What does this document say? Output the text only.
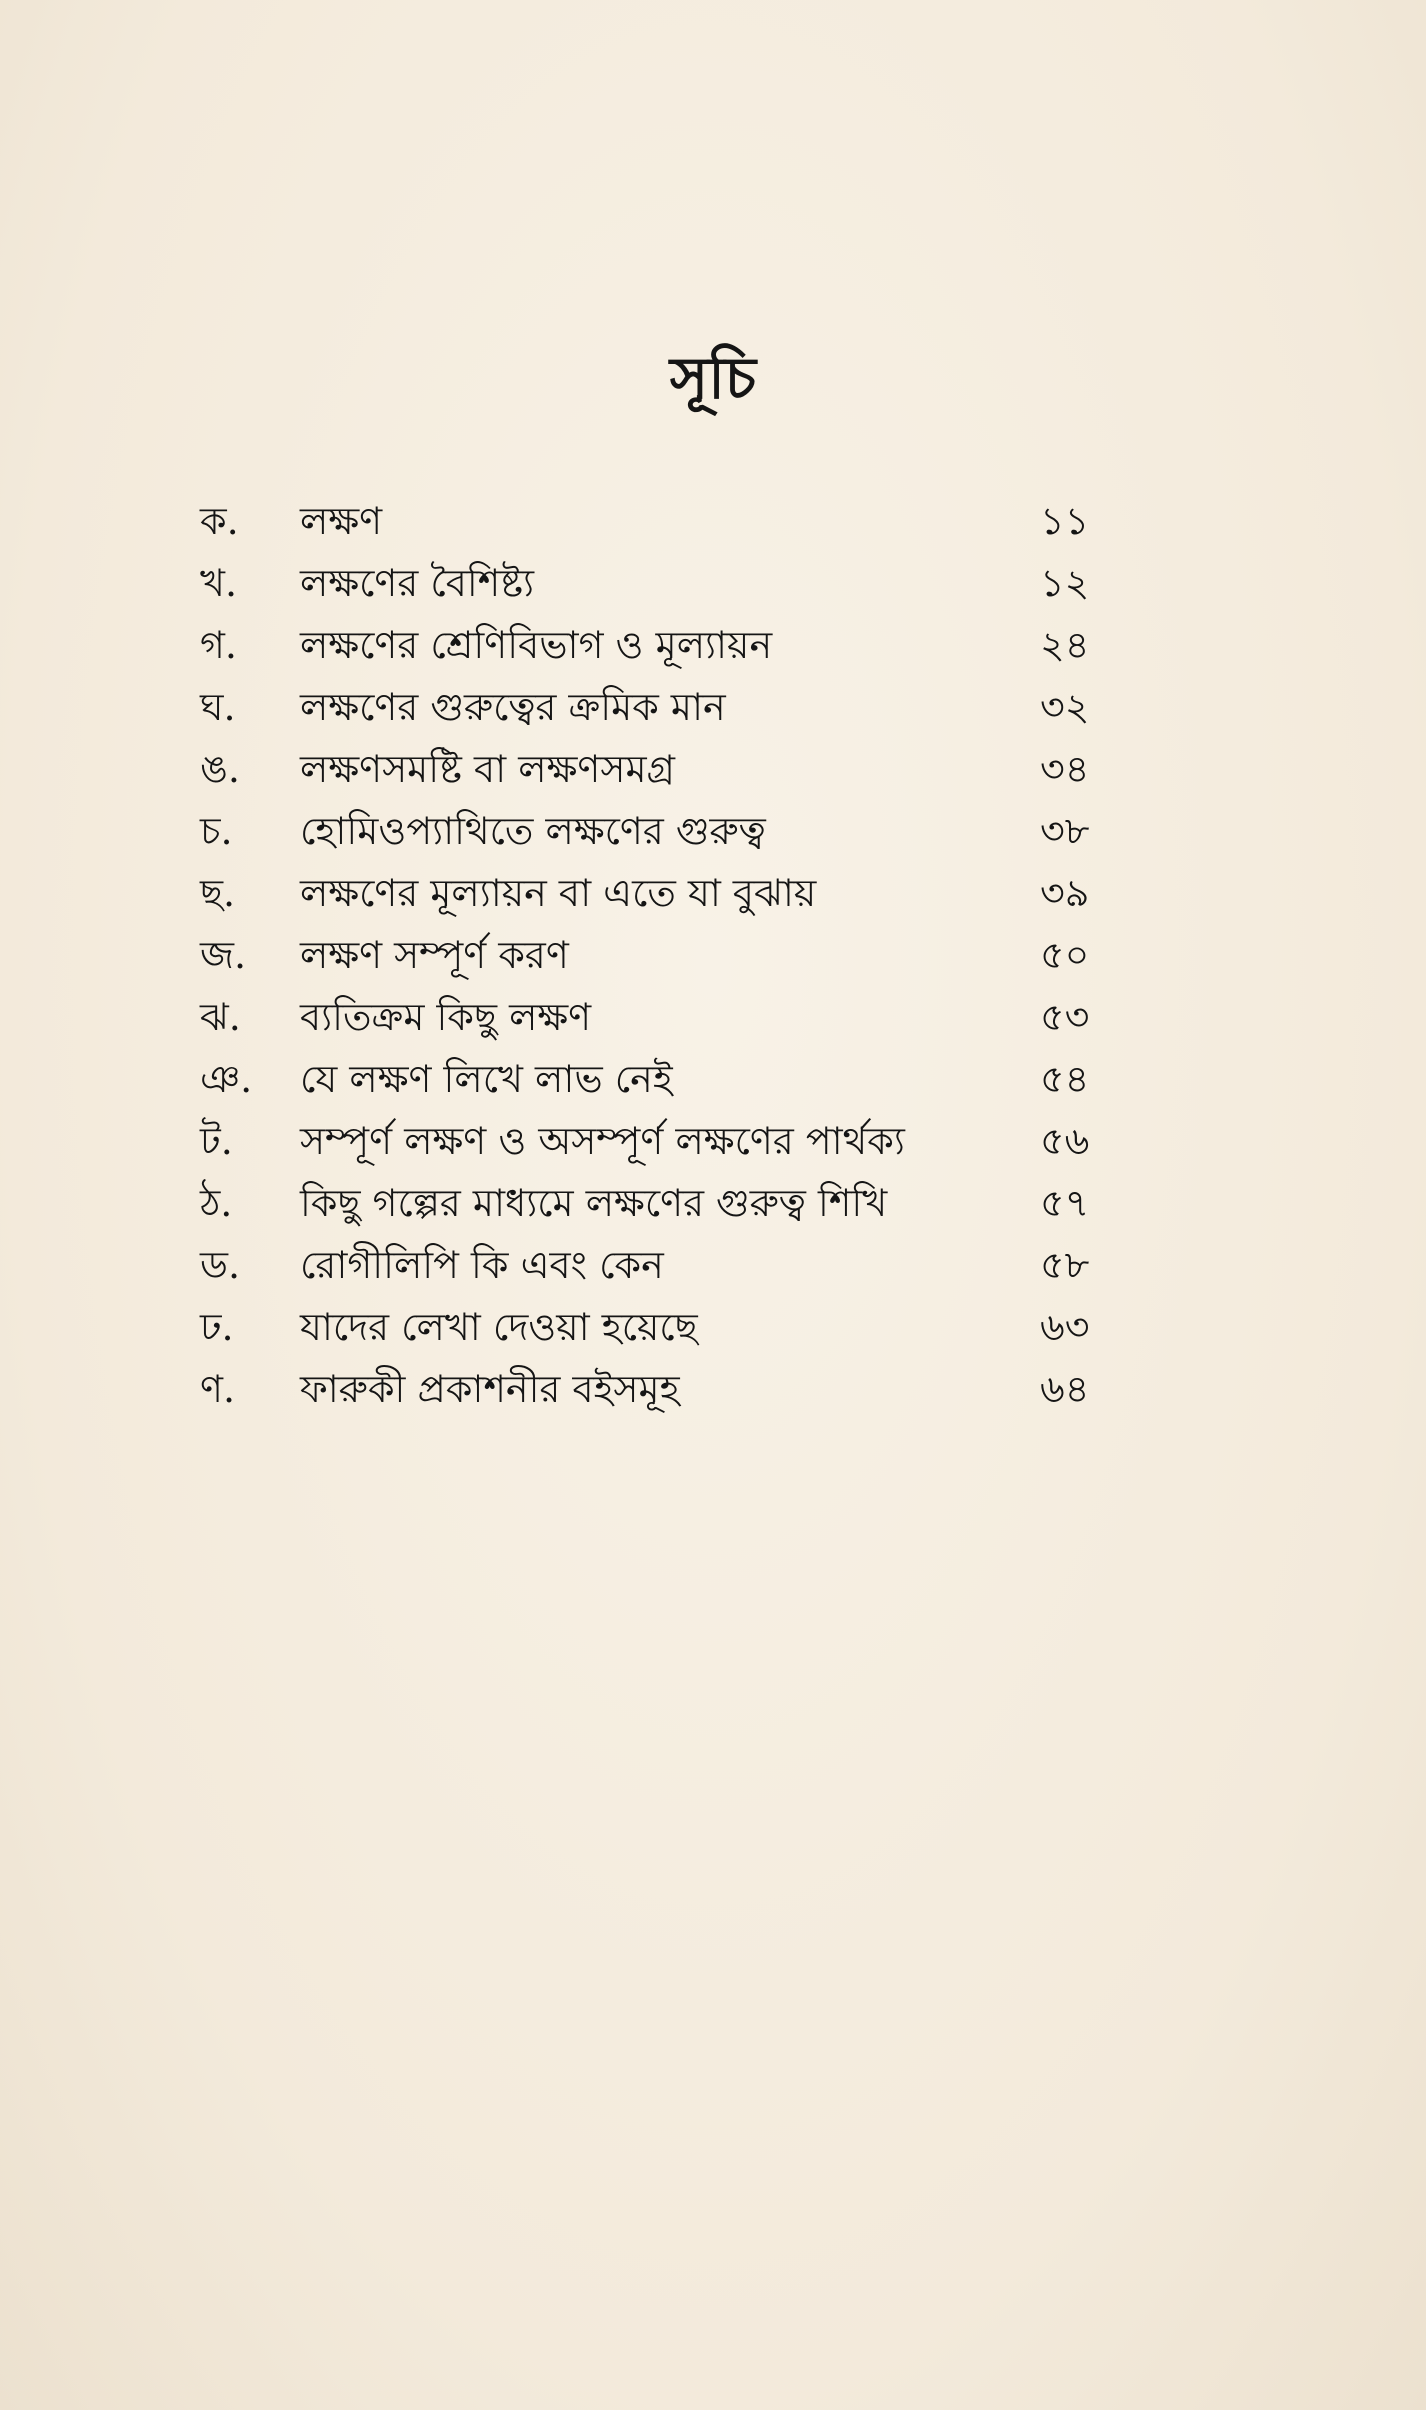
সূচি
ক.	লক্ষণ	১১
খ.	লক্ষণের বৈশিষ্ট্য	১২
গ.	লক্ষণের শ্রেণিবিভাগ ও মূল্যায়ন	২৪
ঘ.	লক্ষণের গুরুত্বের ক্রমিক মান	৩২
ঙ.	লক্ষণসমষ্টি বা লক্ষণসমগ্র	৩৪
চ.	হোমিওপ্যাথিতে লক্ষণের গুরুত্ব	৩৮
ছ.	লক্ষণের মূল্যায়ন বা এতে যা বুঝায়	৩৯
জ.	লক্ষণ সম্পূর্ণ করণ	৫০
ঝ.	ব্যতিক্রম কিছু লক্ষণ	৫৩
ঞ.	যে লক্ষণ লিখে লাভ নেই	৫৪
ট.	সম্পূর্ণ লক্ষণ ও অসম্পূর্ণ লক্ষণের পার্থক্য	৫৬
ঠ.	কিছু গল্পের মাধ্যমে লক্ষণের গুরুত্ব শিখি	৫৭
ড.	রোগীলিপি কি এবং কেন	৫৮
ঢ.	যাদের লেখা দেওয়া হয়েছে	৬৩
ণ.	ফারুকী প্রকাশনীর বইসমূহ	৬৪
